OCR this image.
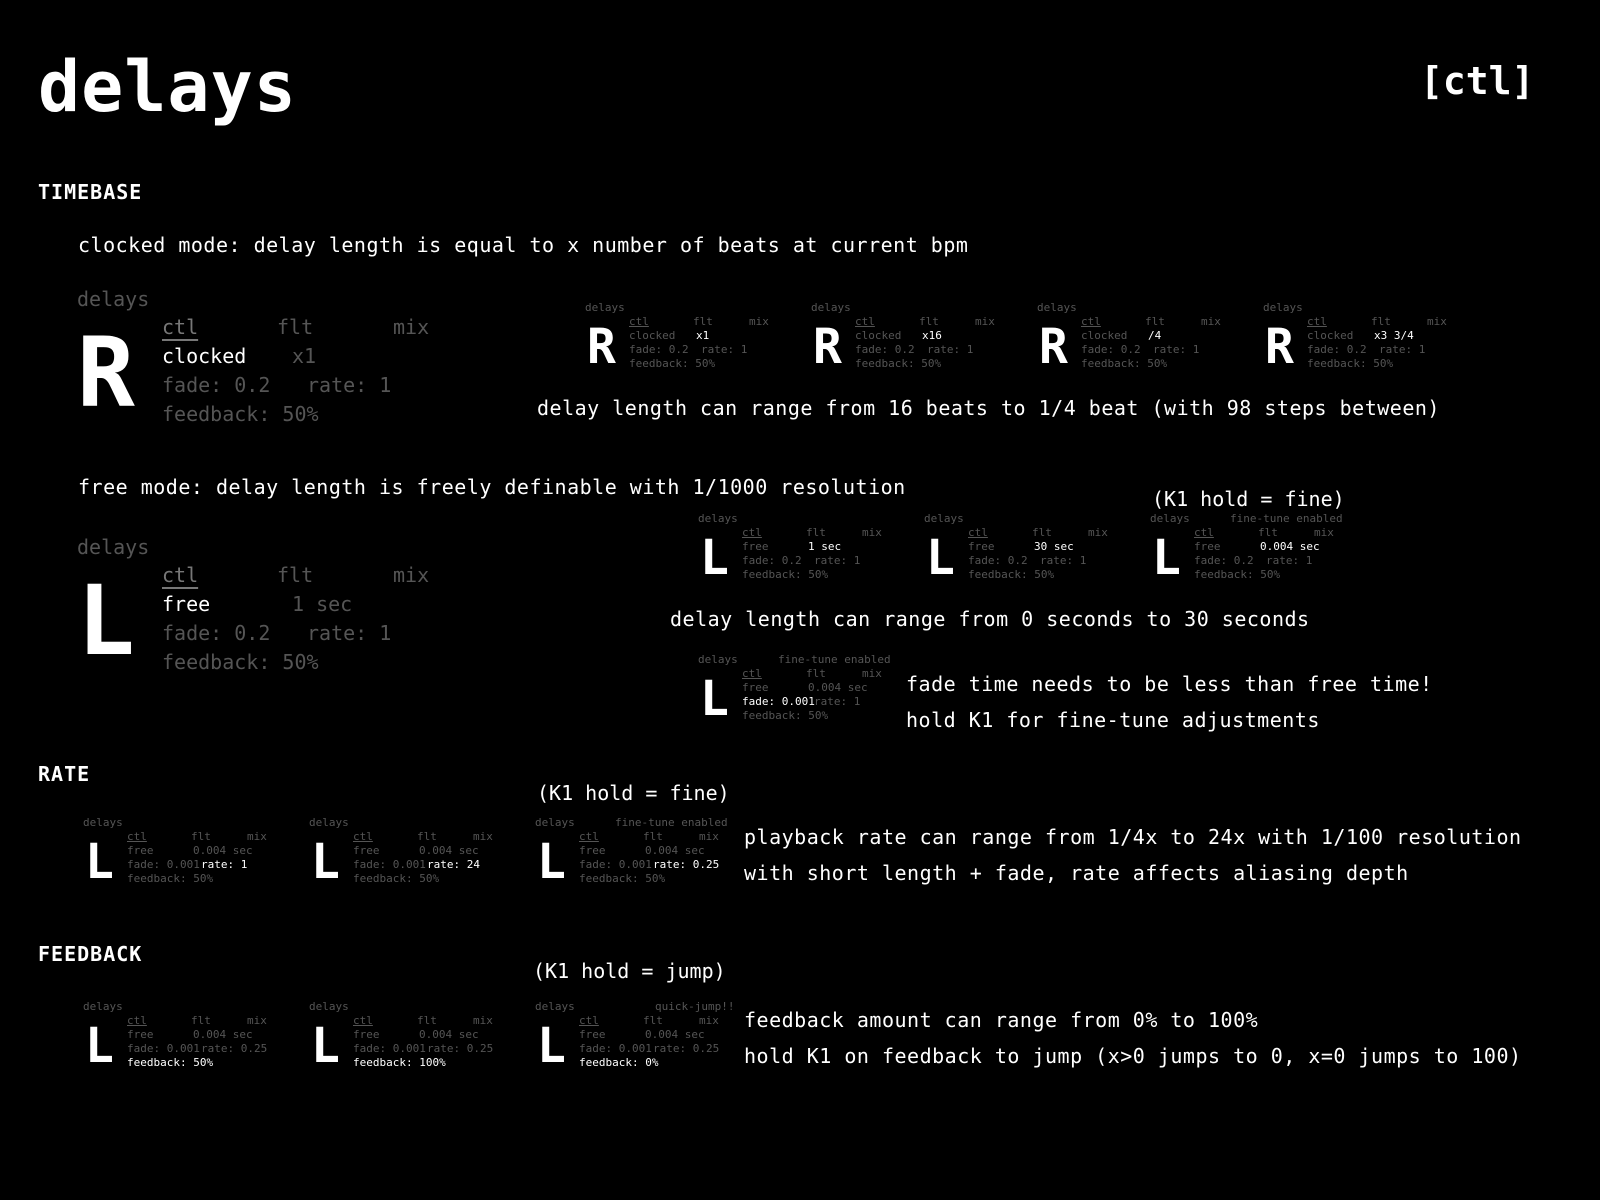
delays	[ctl]
TIMEBASE
clocked mode: delay length is equal to x number of beats at current bpm
delays
R ctl	flt	mix
clocked x1
fade: 0.2 rate: 1
feedback: 50%
delays
R ctl	flt	mix
clocked x1
fade: 0.2 rate: 1
feedback: 50%
delays
R ctl	flt	mix
clocked x16
fade: 0.2 rate: 1
feedback: 50%
delays
R ctl	flt	mix
clocked /4
fade: 0.2 rate: 1
feedback: 50%
delays
R ctl	flt	mix
clocked x3 3/4
fade: 0.2 rate: 1
feedback: 50%
delay length can range from 16 beats to 1/4 beat (with 98 steps between)
free mode: delay length is freely definable with 1/1000 resolution	(K1 hold = fine)
delays
L ctl	flt	mix
free	1 sec
fade: 0.2 rate: 1
feedback: 50%
delays
L ctl	flt	mix
free	1 sec
fade: 0.2 rate: 1
feedback: 50%
delays
L ctl	flt	mix
free	30 sec
fade: 0.2 rate: 1
feedback: 50%
delays	fine-tune enabled
L ctl	flt	mix
free	0.004 sec
fade: 0.2 rate: 1
feedback: 50%
delay length can range from 0 seconds to 30 seconds
delays	fine-tune enabled
L ctl	flt	mix
free	0.004 sec
fade: 0.001 rate: 1
feedback: 50%
fade time needs to be less than free time!
hold K1 for fine-tune adjustments
RATE
(K1 hold = fine)
delays
L ctl	flt	mix
free	0.004 sec
fade: 0.001 rate: 1
feedback: 50%
delays
L ctl	flt	mix
free	0.004 sec
fade: 0.001 rate: 24
feedback: 50%
delays	fine-tune enabled
L ctl	flt	mix
free	0.004 sec
fade: 0.001 rate: 0.25
feedback: 50%
playback rate can range from 1/4x to 24x with 1/100 resolution
with short length + fade, rate affects aliasing depth
FEEDBACK
(K1 hold = jump)
delays
L ctl	flt	mix
free	0.004 sec
fade: 0.001 rate: 0.25
feedback: 50%
delays
L ctl	flt	mix
free	0.004 sec
fade: 0.001 rate: 0.25
feedback: 100%
delays	quick-jump!!
L ctl	flt	mix
free	0.004 sec
fade: 0.001 rate: 0.25
feedback: 0%
feedback amount can range from 0% to 100%
hold K1 on feedback to jump (x>0 jumps to 0, x=0 jumps to 100)
